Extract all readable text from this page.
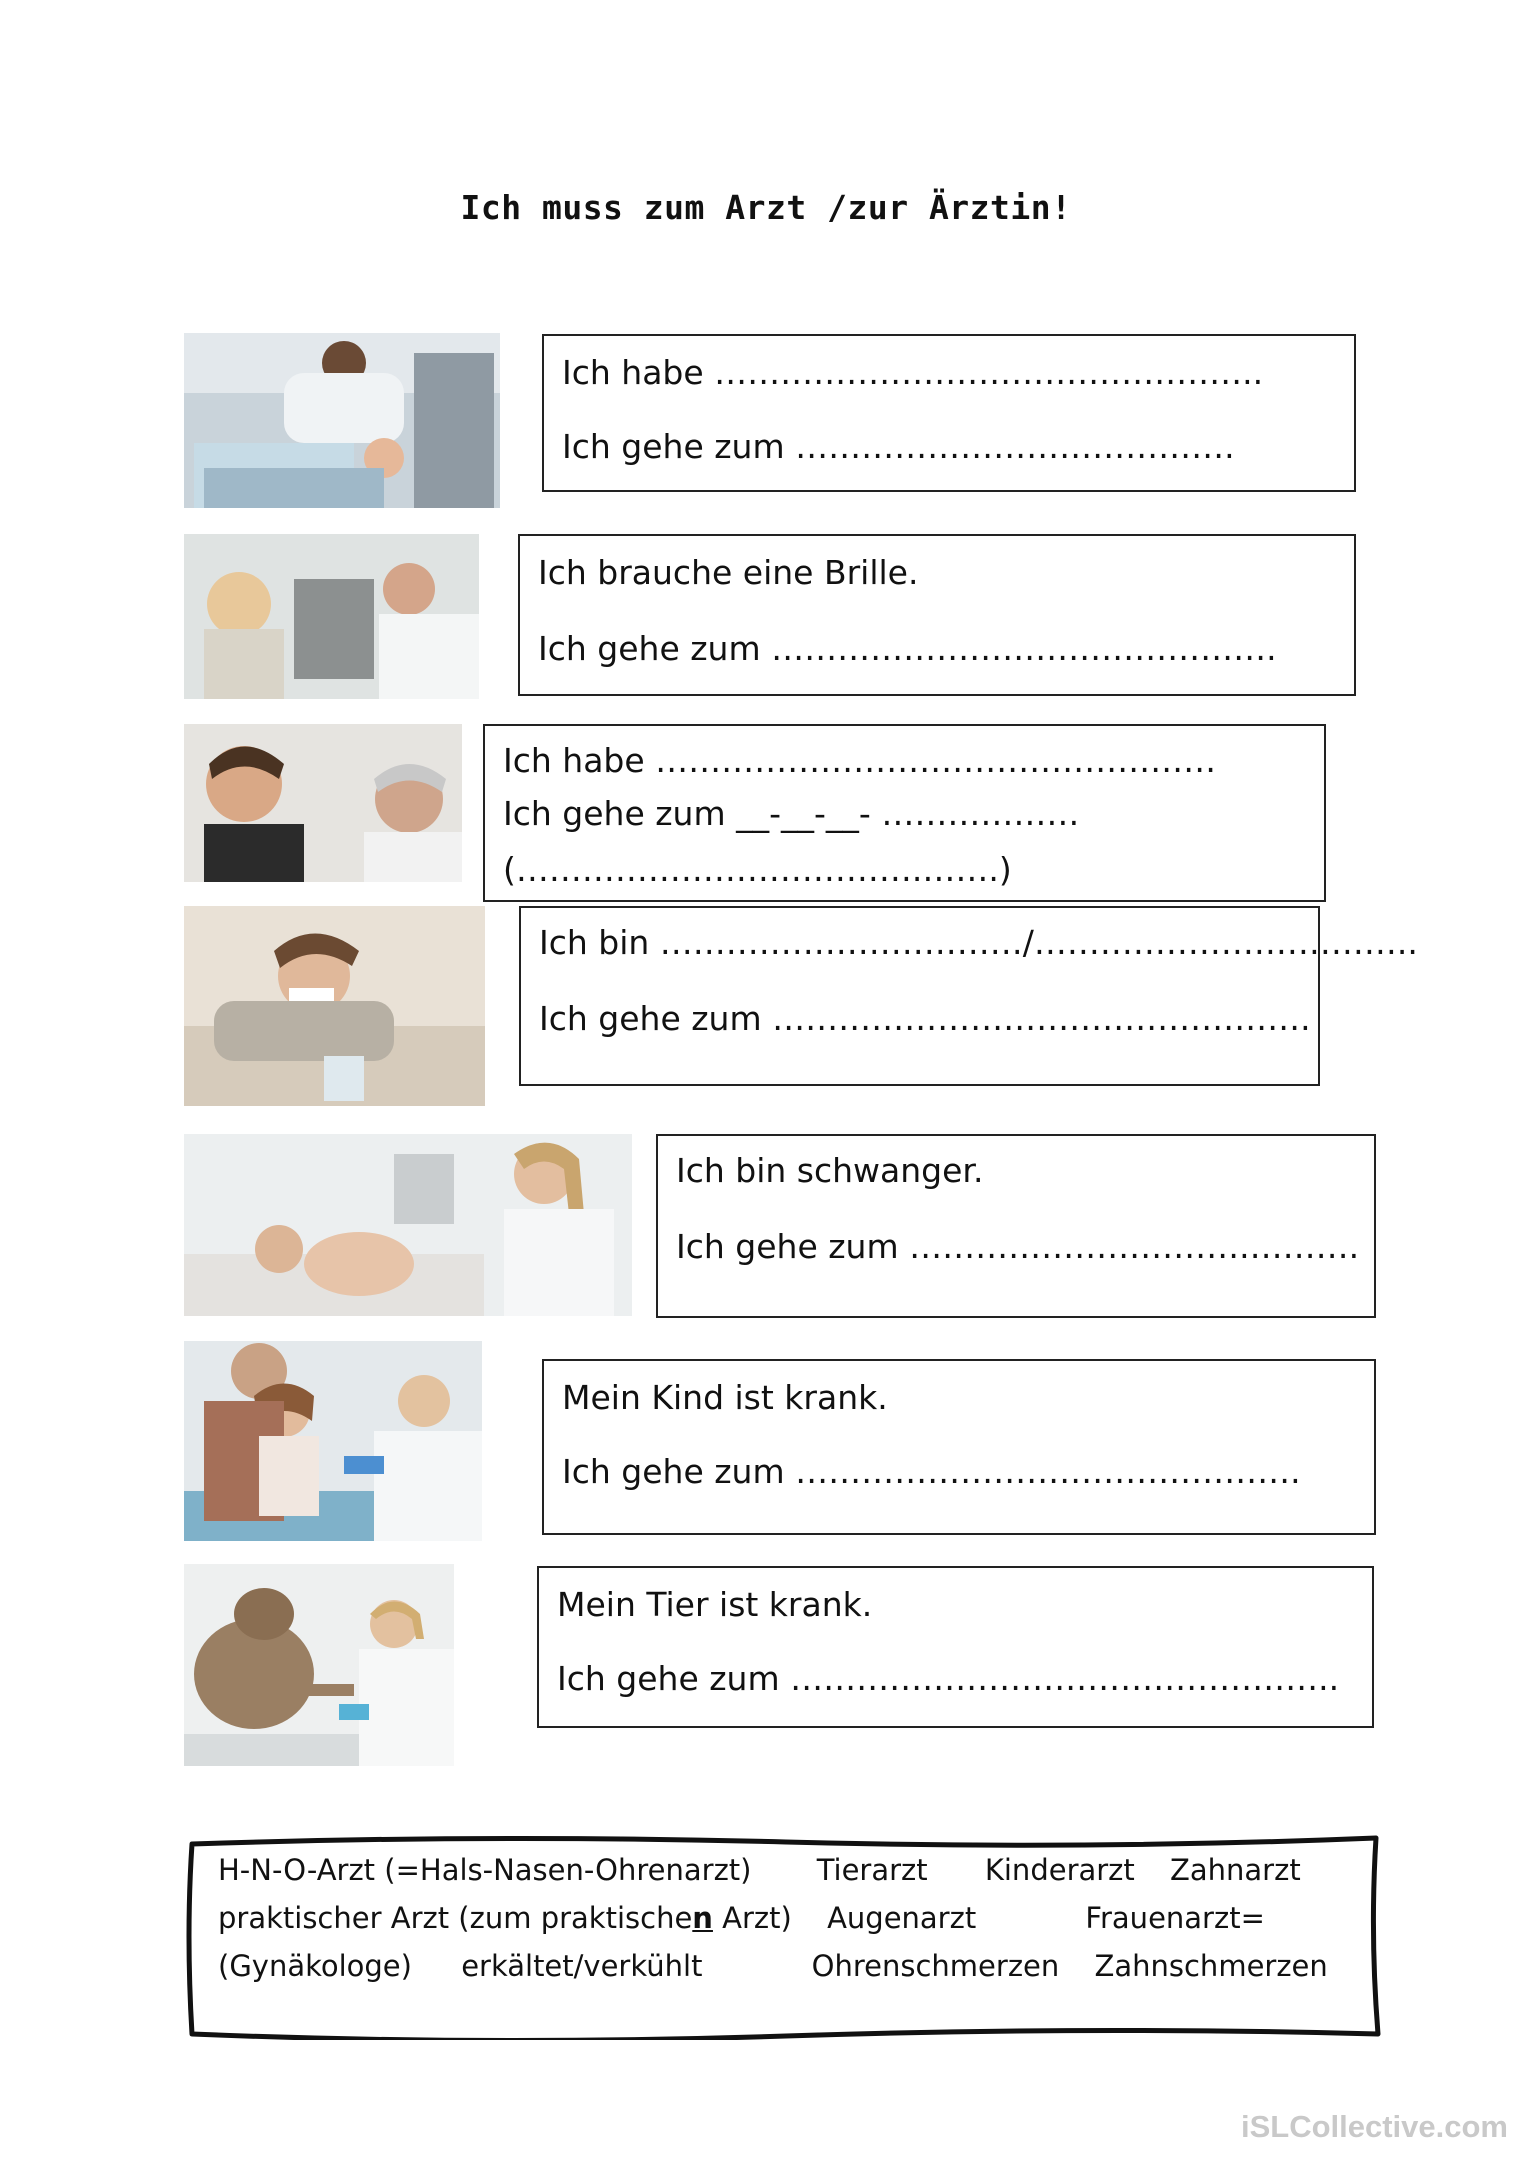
Ich muss zum Arzt /zur Ärztin!
Ich habe …………………………………………..
Ich gehe zum ………………………………….
Ich brauche eine Brille.
Ich gehe zum ……………………………………….
Ich habe ……………………………………………
Ich gehe zum __-__-__- ………………
(……………………………….…….)
Ich bin ……………………………/……………………………..
Ich gehe zum ………………………………………….
Ich bin schwanger.
Ich gehe zum ………………………….……….
Mein Kind ist krank.
Ich gehe zum ……………………………………….
Mein Tier ist krank.
Ich gehe zum …………………………………………..
H-N-O-Arzt (=Hals-Nasen-Ohrenarzt) Tierarzt Kinderarzt Zahnarzt
praktischer Arzt (zum praktischen Arzt) Augenarzt	Frauenarzt=
(Gynäkologe) erkältet/verkühlt	Ohrenschmerzen Zahnschmerzen
iSLCollective.com
